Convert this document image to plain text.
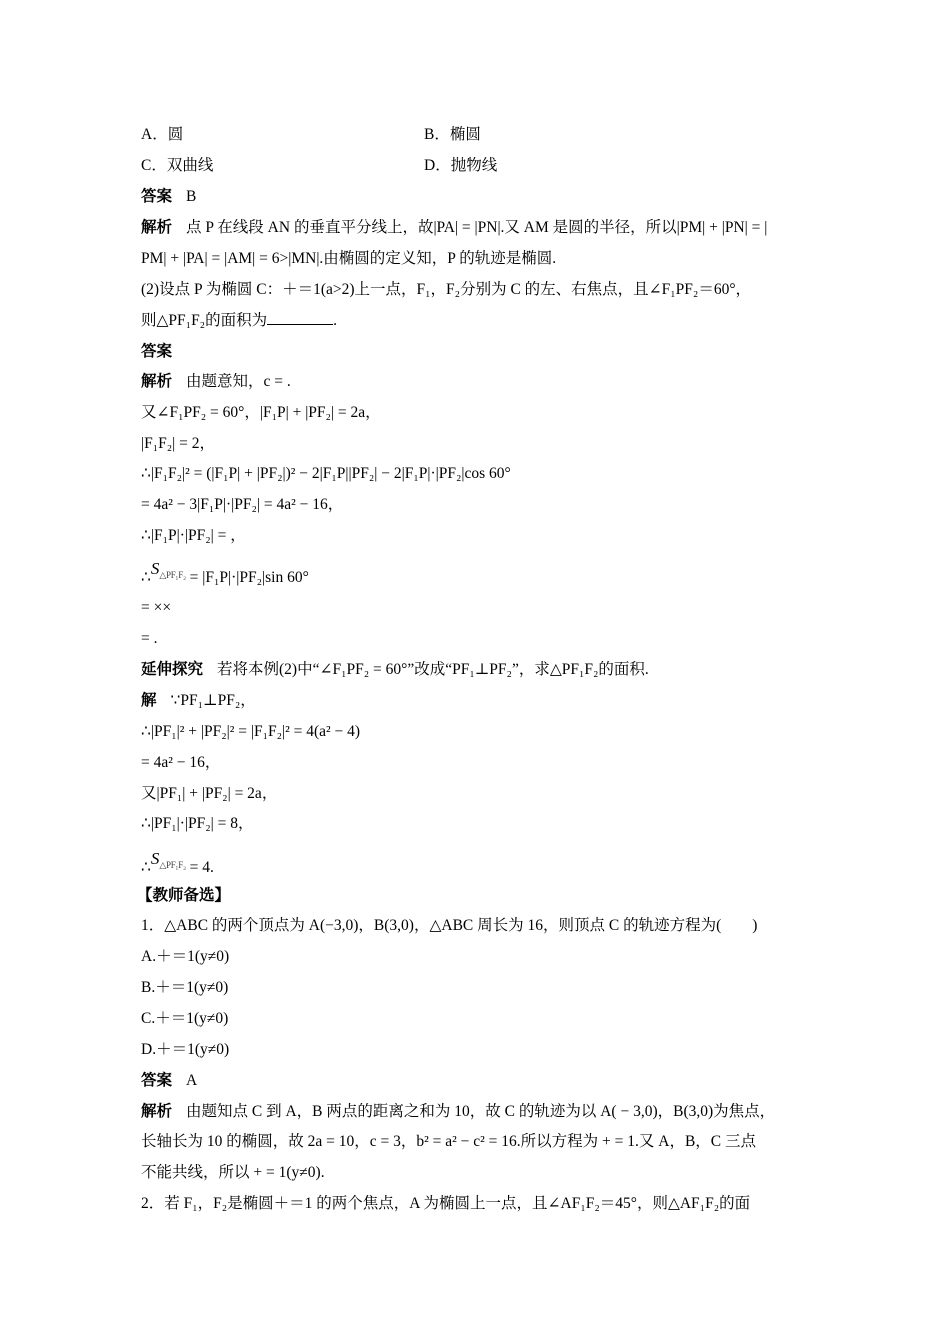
A．圆	B．椭圆
C．双曲线	D．抛物线
答案 B
解析 点 P 在线段 AN 的垂直平分线上，故|PA| = |PN|.又 AM 是圆的半径，所以|PM| + |PN| = |
PM| + |PA| = |AM| = 6>|MN|.由椭圆的定义知，P 的轨迹是椭圆.
(2)设点 P 为椭圆 C：＋＝1(a>2)上一点，F₁，F₂分别为 C 的左、右焦点，且∠F₁PF₂＝60°，
则△PF₁F₂的面积为	.
答案
解析 由题意知，c = .
又∠F₁PF₂ = 60°，|F₁P| + |PF₂| = 2a，
|F₁F₂| = 2，
∴|F₁F₂|² = (|F₁P| + |PF₂|)² − 2|F₁P||PF₂| − 2|F₁P|·|PF₂|cos 60°
= 4a² − 3|F₁P|·|PF₂| = 4a² − 16，
∴|F₁P|·|PF₂| = ，
$\therefore S^{\triangle PF_1F_2} = |F_1P|\cdot|PF_2|\sin$ 60°
= ××
= .
延伸探究 若将本例(2)中“∠F₁PF₂ = 60°”改成“PF₁⊥PF₂”，求△PF₁F₂的面积.
解 ∵PF₁⊥PF₂，
∴|PF₁|² + |PF₂|² = |F₁F₂|² = 4(a² − 4)
= 4a² − 16，
又|PF₁| + |PF₂| = 2a，
∴|PF₁|·|PF₂| = 8，
$\therefore S^{\triangle PF_1F_2} = 4$.
【教师备选】
1．△ABC 的两个顶点为 A(−3,0)，B(3,0)，△ABC 周长为 16，则顶点 C 的轨迹方程为(　　)
A.＋＝1(y≠0)
B.＋＝1(y≠0)
C.＋＝1(y≠0)
D.＋＝1(y≠0)
答案 A
解析 由题知点 C 到 A，B 两点的距离之和为 10，故 C 的轨迹为以 A( − 3,0)，B(3,0)为焦点，
长轴长为 10 的椭圆，故 2a = 10，c = 3，b² = a² − c² = 16.所以方程为 + = 1.又 A，B，C 三点
不能共线，所以 + = 1(y≠0).
2．若 F₁，F₂是椭圆＋＝1 的两个焦点，A 为椭圆上一点，且∠AF₁F₂＝45°，则△AF₁F₂的面
